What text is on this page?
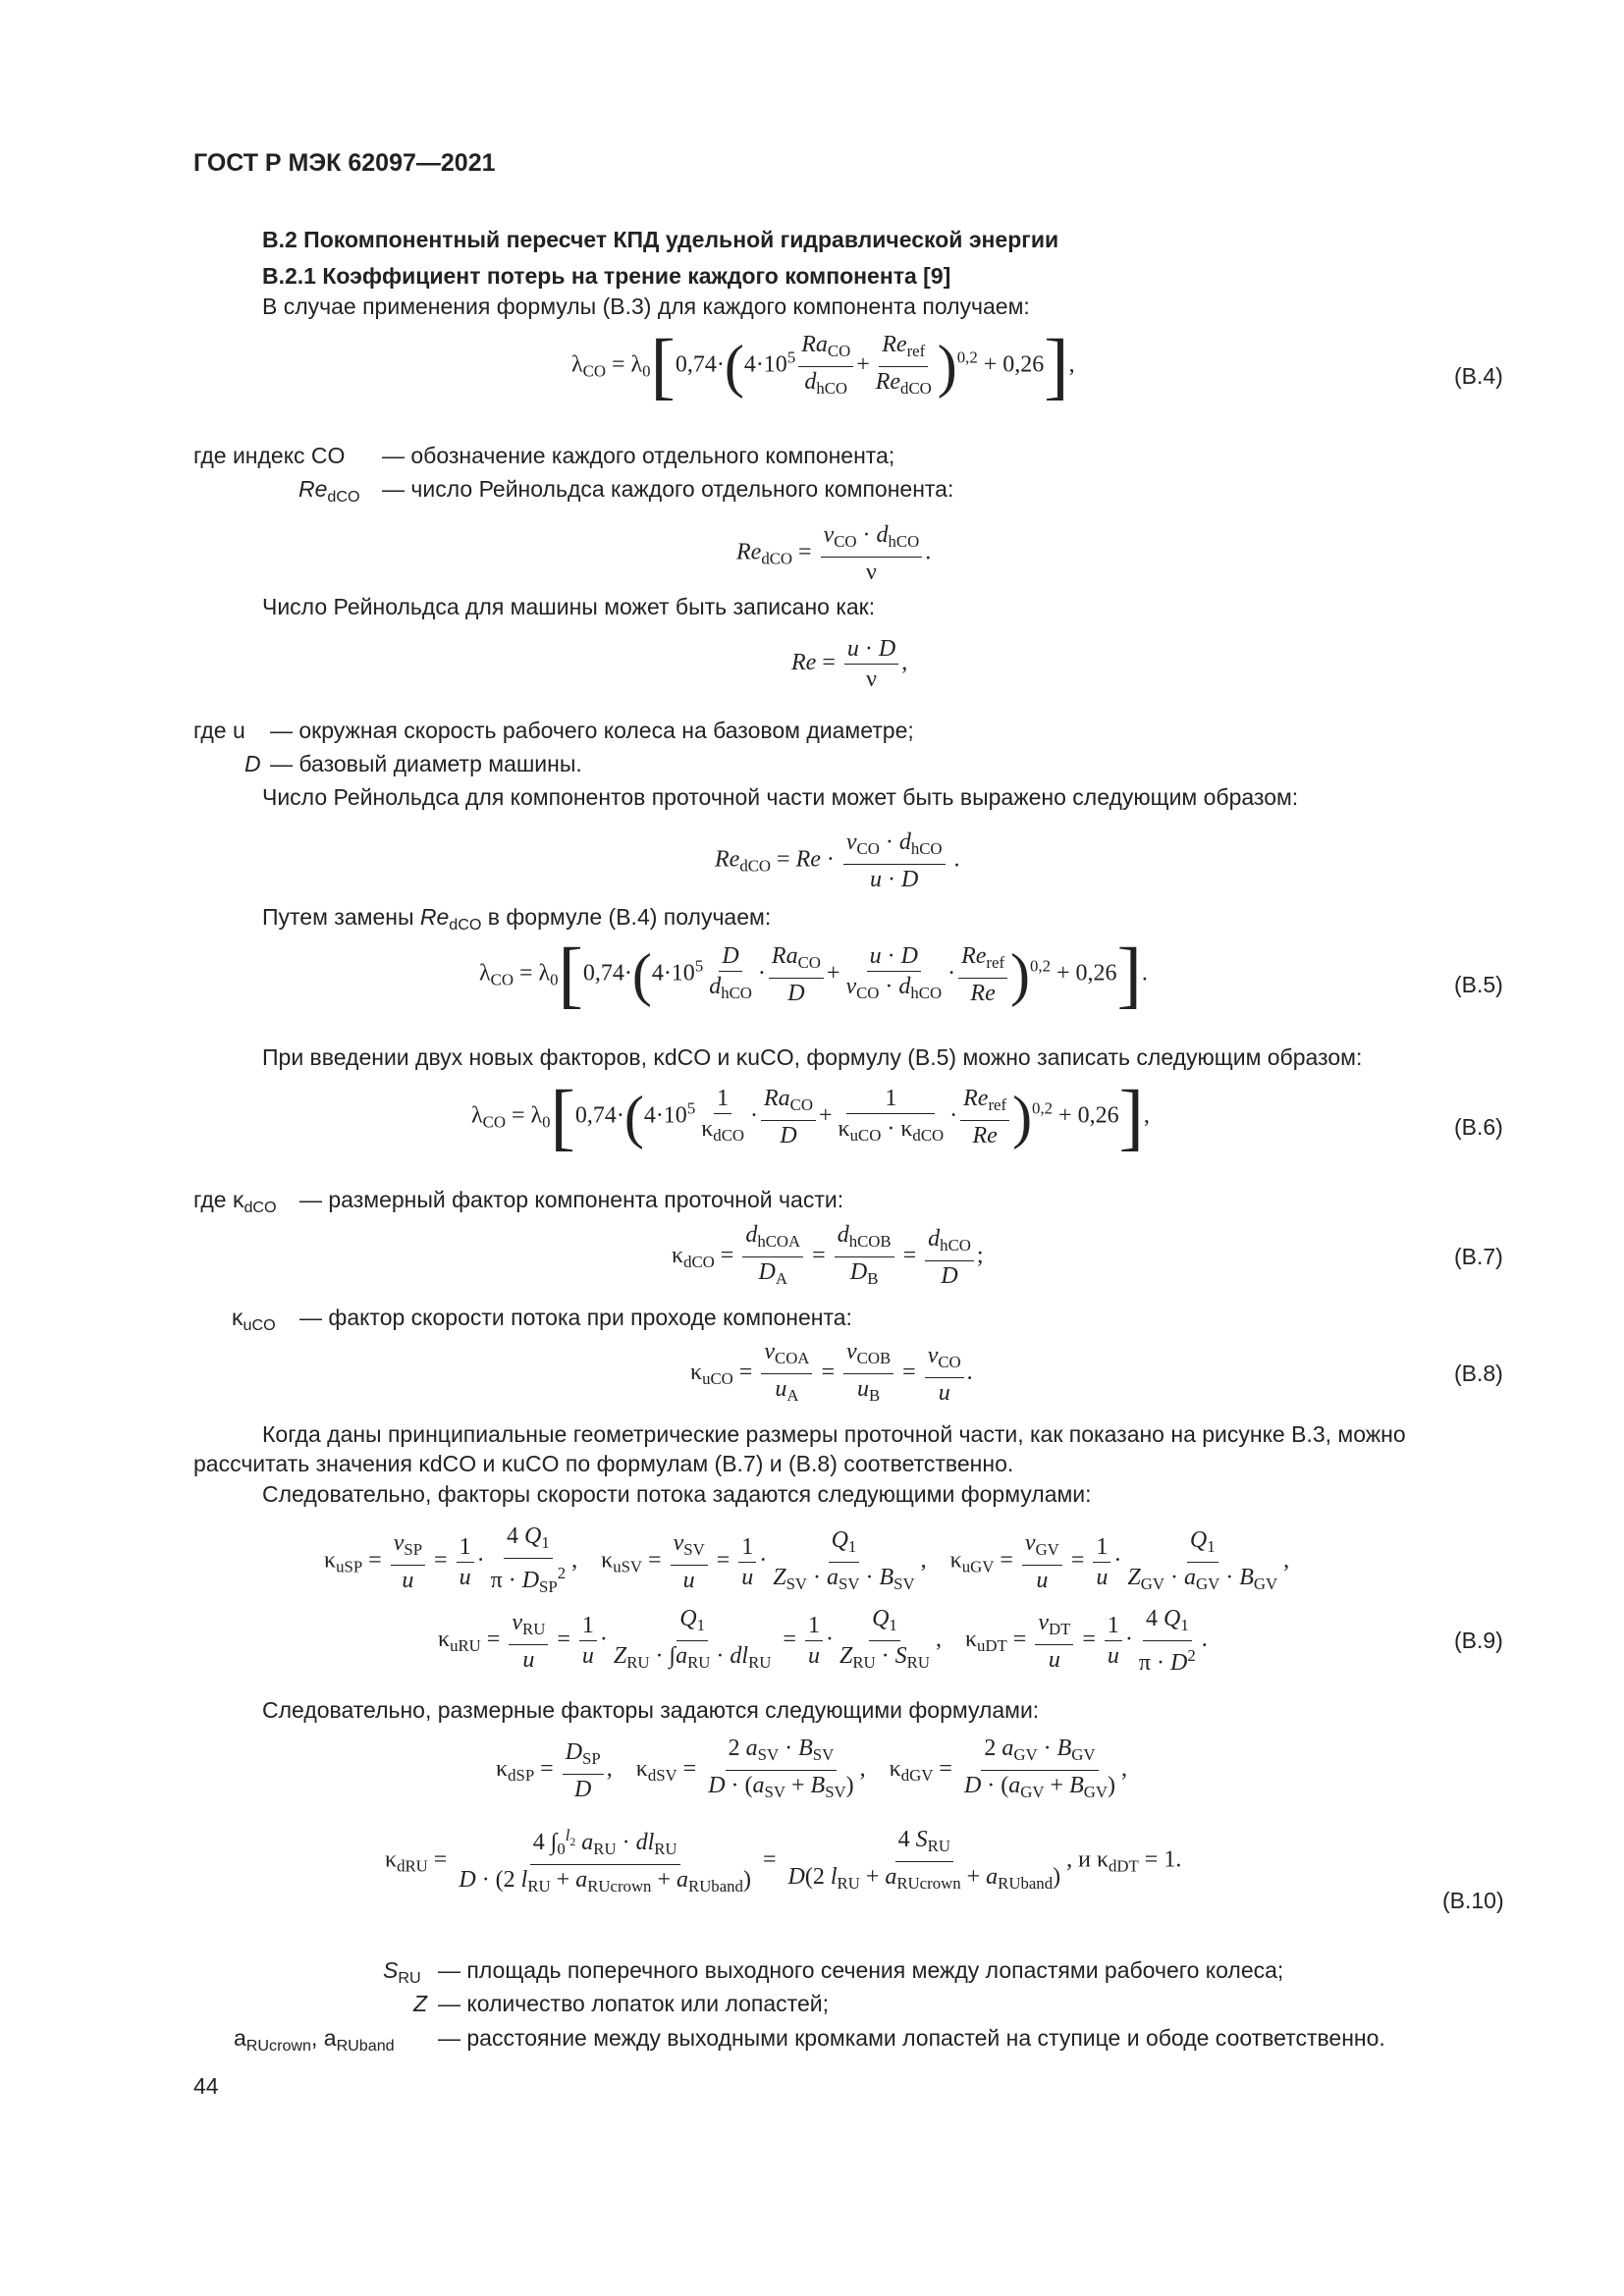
ГОСТ Р МЭК 62097—2021
B.2 Покомпонентный пересчет КПД удельной гидравлической энергии
B.2.1 Коэффициент потерь на трение каждого компонента [9]
В случае применения формулы (В.3) для каждого компонента получаем:
$\lambda_{CO} = \lambda_0[0,74\cdot(4\cdot 10^5 \frac{Ra_{CO}}{d_{hCO}} + \frac{Re_{ref}}{Re_{dCO}} )^{0,2} + 0,26]$,	(В.4)
где индекс CO — обозначение каждого отдельного компонента;
$Re_{dCO}$ — число Рейнольдса каждого отдельного компонента:
$Re_{dCO} = \frac{v_{CO} \cdot d_{hCO}}{\nu}$ .
Число Рейнольдса для машины может быть записано как:
$Re = \frac{u \cdot D}{\nu}$ ,
где u — окружная скорость рабочего колеса на базовом диаметре;
D — базовый диаметр машины.
Число Рейнольдса для компонентов проточной части может быть выражено следующим образом:
$Re_{dCO} = Re \cdot \frac{v_{CO} \cdot d_{hCO}}{u \cdot D}$ .
Путем замены $Re_{dCO}$ в формуле (В.4) получаем:
$\lambda_{CO} = \lambda_0[0,74\cdot(4\cdot 10^5 \frac{D}{d_{hCO}} \cdot \frac{Ra_{CO}}{D} + \frac{u \cdot D}{v_{CO} \cdot d_{hCO}} \cdot \frac{Re_{ref}}{Re} )^{0,2} + 0,26]$.	(В.5)
При введении двух новых факторов, κdCO и κuCO, формулу (В.5) можно записать следующим образом:
$\lambda_{CO} = \lambda_0[0,74\cdot(4\cdot 10^5 \frac{1}{\kappa_{dCO}} \cdot \frac{Ra_{CO}}{D} + \frac{1}{\kappa_{uCO} \cdot \kappa_{dCO}} \cdot \frac{Re_{ref}}{Re} )^{0,2} + 0,26]$,	(В.6)
где $\kappa_{dCO}$ — размерный фактор компонента проточной части:
$\kappa_{dCO} = \frac{d_{hCOA}}{D_A} = \frac{d_{hCOB}}{D_B} = \frac{d_{hCO}}{D}$ ;	(В.7)
$\kappa_{uCO}$ — фактор скорости потока при проходе компонента:
$\kappa_{uCO} = \frac{v_{COA}}{u_A} = \frac{v_{COB}}{u_B} = \frac{v_{CO}}{u}$ .	(В.8)
Когда даны принципиальные геометрические размеры проточной части, как показано на рисунке В.3, можно
рассчитать значения κdCO и κuCO по формулам (В.7) и (В.8) соответственно.
Следовательно, факторы скорости потока задаются следующими формулами:
$\kappa_{uSP} = \frac{v_{SP}}{u} = \frac{1}{u} \cdot \frac{4 Q_1}{\pi \cdot D_{SP}^2}$ ,    $\kappa_{uSV} = \frac{v_{SV}}{u} = \frac{1}{u} \cdot \frac{Q_1}{Z_{SV} \cdot a_{SV} \cdot B_{SV}}$ ,    $\kappa_{uGV} = \frac{v_{GV}}{u} = \frac{1}{u} \cdot \frac{Q_1}{Z_{GV} \cdot a_{GV} \cdot B_{GV}}$ ,
$\kappa_{uRU} = \frac{v_{RU}}{u} = \frac{1}{u} \cdot \frac{Q_1}{Z_{RU} \cdot \int a_{RU} \cdot dl_{RU}} = \frac{1}{u} \cdot \frac{Q_1}{Z_{RU} \cdot S_{RU}}$ ,    $\kappa_{uDT} = \frac{v_{DT}}{u} = \frac{1}{u} \cdot \frac{4 Q_1}{\pi \cdot D^2}$ .	(В.9)
Следовательно, размерные факторы задаются следующими формулами:
$\kappa_{dSP} = \frac{D_{SP}}{D}$ ,    $\kappa_{dSV} = \frac{2 a_{SV} \cdot B_{SV}}{D \cdot (a_{SV} + B_{SV})}$ ,    $\kappa_{dGV} = \frac{2 a_{GV} \cdot B_{GV}}{D \cdot (a_{GV} + B_{GV})}$ ,
$\kappa_{dRU} = \frac{4 \int_0^{l_2} a_{RU} \cdot dl_{RU}}{D \cdot (2 l_{RU} + a_{RUcrown} + a_{RUband})} = \frac{4 S_{RU}}{D(2 l_{RU} + a_{RUcrown} + a_{RUband})}$ , и $\kappa_{dDT} = 1$.
(В.10)
$S_{RU}$ — площадь поперечного выходного сечения между лопастями рабочего колеса;
Z — количество лопаток или лопастей;
$a_{RUcrown}$, $a_{RUband}$ — расстояние между выходными кромками лопастей на ступице и ободе соответственно.
44
